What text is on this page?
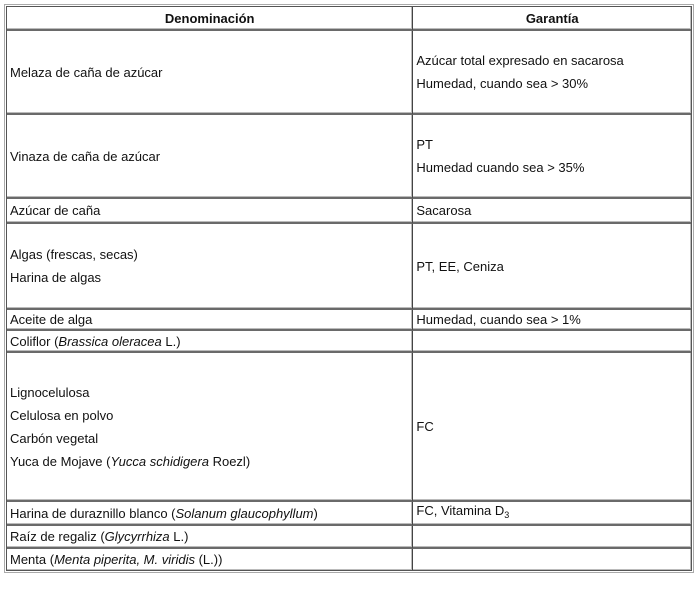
Denominación	Garantía

Melaza de caña de azúcar	Azúcar total expresado en sacarosa
Humedad, cuando sea > 30%

Vinaza de caña de azúcar	PT
Humedad cuando sea > 35%

Azúcar de caña	Sacarosa

Algas (frescas, secas)
Harina de algas	PT, EE, Ceniza

Aceite de alga	Humedad, cuando sea > 1%

Coliflor (Brassica oleracea L.)	

Lignocelulosa
Celulosa en polvo
Carbón vegetal
Yuca de Mojave (Yucca schidigera Roezl)	FC

Harina de duraznillo blanco (Solanum glaucophyllum)	FC, Vitamina $D_3$

Raíz de regaliz (Glycyrrhiza L.)	

Menta (Menta piperita, M. viridis (L.))	
